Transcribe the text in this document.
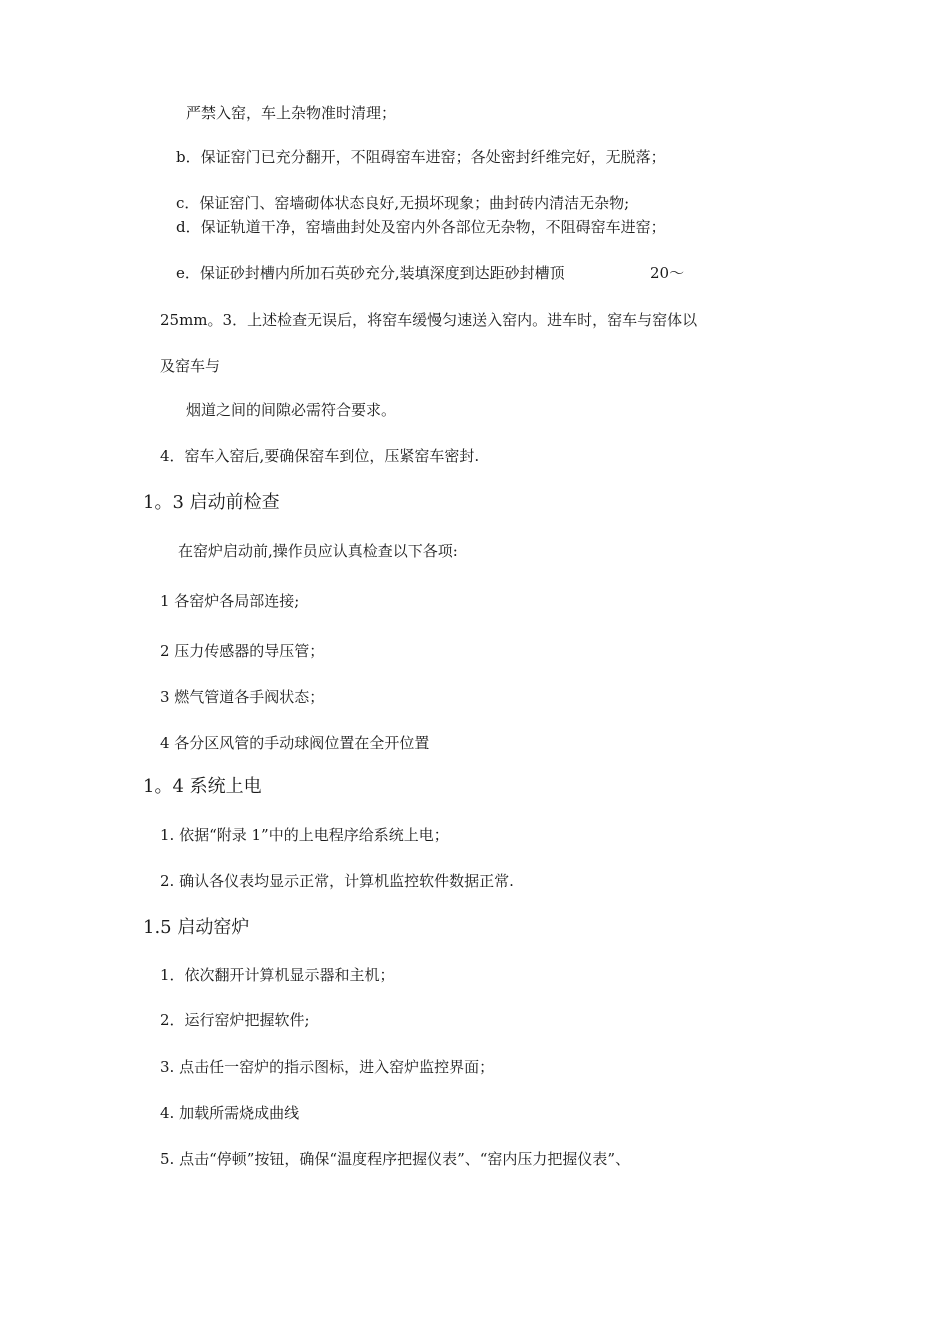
严禁入窑，车上杂物准时清理；
b．保证窑门已充分翻开，不阻碍窑车进窑；各处密封纤维完好，无脱落；
c．保证窑门、窑墙砌体状态良好,无损坏现象；曲封砖内清洁无杂物;
d．保证轨道干净，窑墙曲封处及窑内外各部位无杂物，不阻碍窑车进窑；
e．保证砂封槽内所加石英砂充分,装填深度到达距砂封槽顶	20～
25mm。3．上述检查无误后，将窑车缓慢匀速送入窑内。进车时，窑车与窑体以
及窑车与
烟道之间的间隙必需符合要求。
4．窑车入窑后,要确保窑车到位，压紧窑车密封.
1。3 启动前检查
在窑炉启动前,操作员应认真检查以下各项:
1 各窑炉各局部连接;
2 压力传感器的导压管；
3 燃气管道各手阀状态；
4 各分区风管的手动球阀位置在全开位置
1。4 系统上电
1. 依据“附录 1”中的上电程序给系统上电；
2. 确认各仪表均显示正常，计算机监控软件数据正常.
1.5 启动窑炉
1．依次翻开计算机显示器和主机；
2．运行窑炉把握软件;
3. 点击任一窑炉的指示图标，进入窑炉监控界面；
4. 加载所需烧成曲线
5. 点击“停顿”按钮，确保“温度程序把握仪表”、“窑内压力把握仪表”、
